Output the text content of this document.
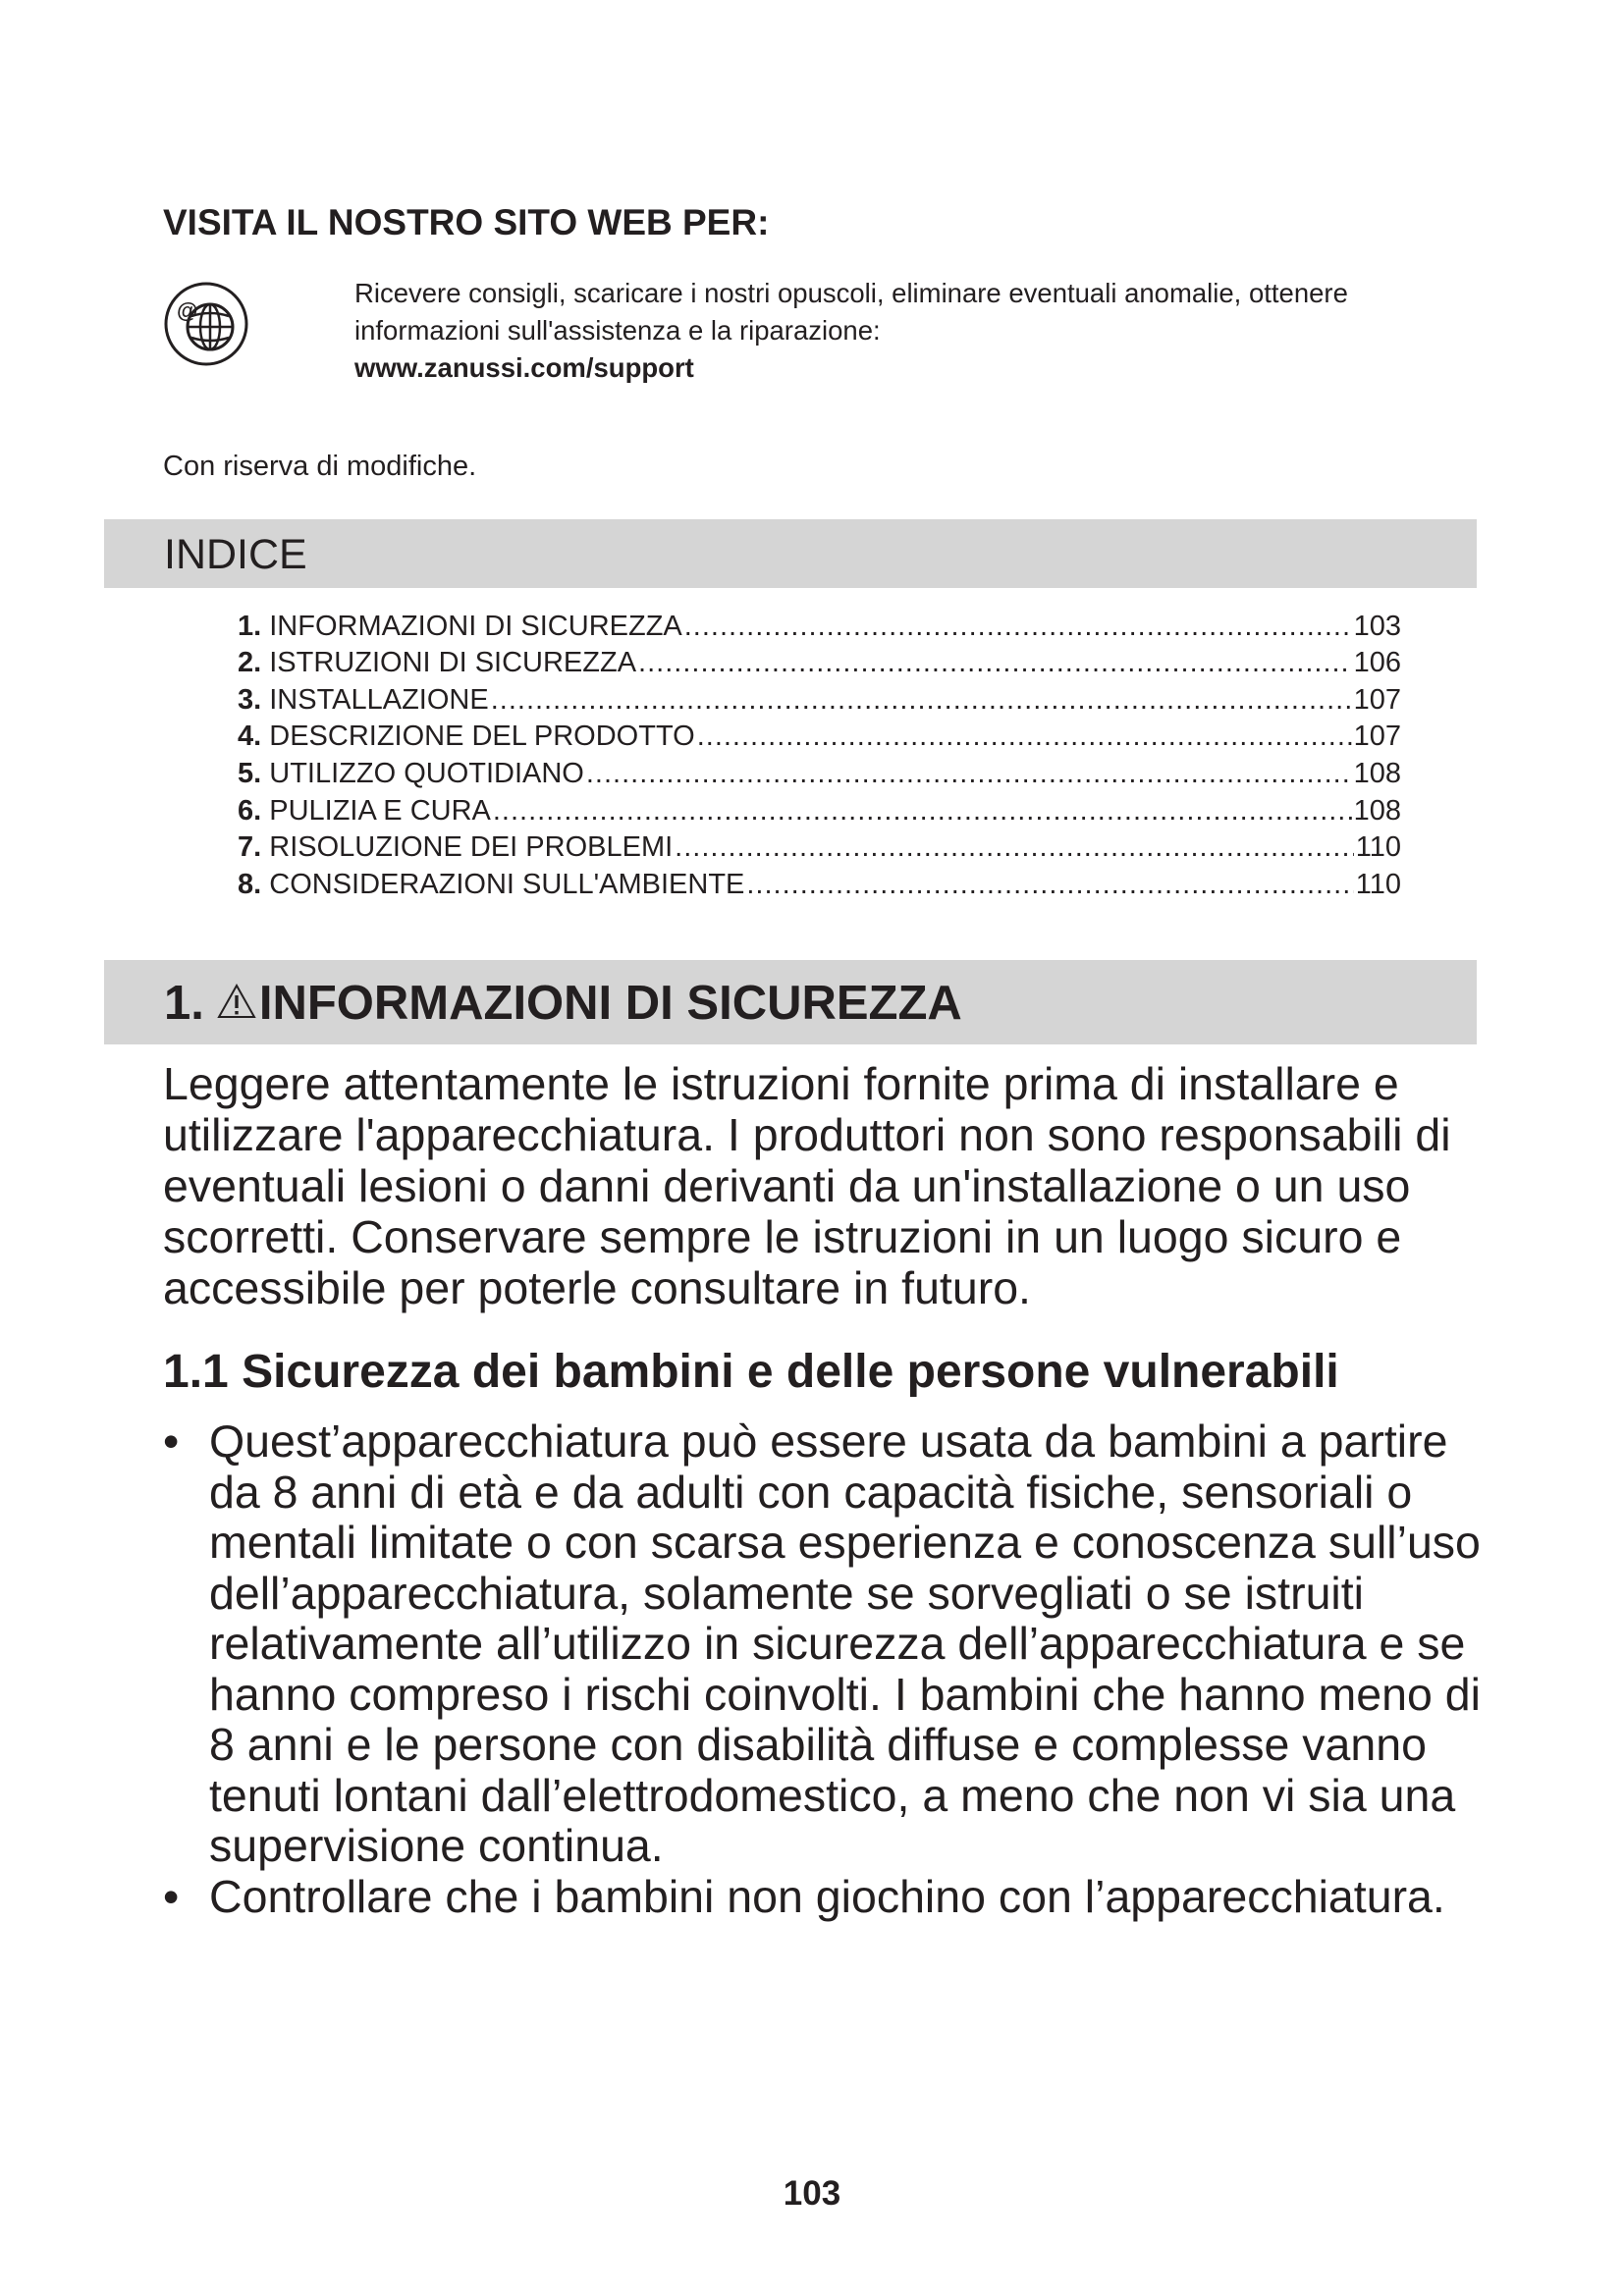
VISITA IL NOSTRO SITO WEB PER:
@
Ricevere consigli, scaricare i nostri opuscoli, eliminare eventuali anomalie, ottenere informazioni sull'assistenza e la riparazione:
www.zanussi.com/support
Con riserva di modifiche.
INDICE
1.
INFORMAZIONI DI SICUREZZA .....	103
2.
ISTRUZIONI DI SICUREZZA .....	106
3.
INSTALLAZIONE .....	107
4.
DESCRIZIONE DEL PRODOTTO .....	107
5.
UTILIZZO QUOTIDIANO .....	108
6.
PULIZIA E CURA .....	108
7.
RISOLUZIONE DEI PROBLEMI .....	110
8.
CONSIDERAZIONI SULL'AMBIENTE .....	110
1. INFORMAZIONI DI SICUREZZA
Leggere attentamente le istruzioni fornite prima di installare e utilizzare l'apparecchiatura. I produttori non sono responsabili di eventuali lesioni o danni derivanti da un'installazione o un uso scorretti. Conservare sempre le istruzioni in un luogo sicuro e accessibile per poterle consultare in futuro.
1.1 Sicurezza dei bambini e delle persone vulnerabili
• Quest’apparecchiatura può essere usata da bambini a partire da 8 anni di età e da adulti con capacità fisiche, sensoriali o mentali limitate o con scarsa esperienza e conoscenza sull’uso dell’apparecchiatura, solamente se sorvegliati o se istruiti relativamente all’utilizzo in sicurezza dell’apparecchiatura e se hanno compreso i rischi coinvolti. I bambini che hanno meno di 8 anni e le persone con disabilità diffuse e complesse vanno tenuti lontani dall’elettrodomestico, a meno che non vi sia una supervisione continua.
• Controllare che i bambini non giochino con l’apparecchiatura.
103
